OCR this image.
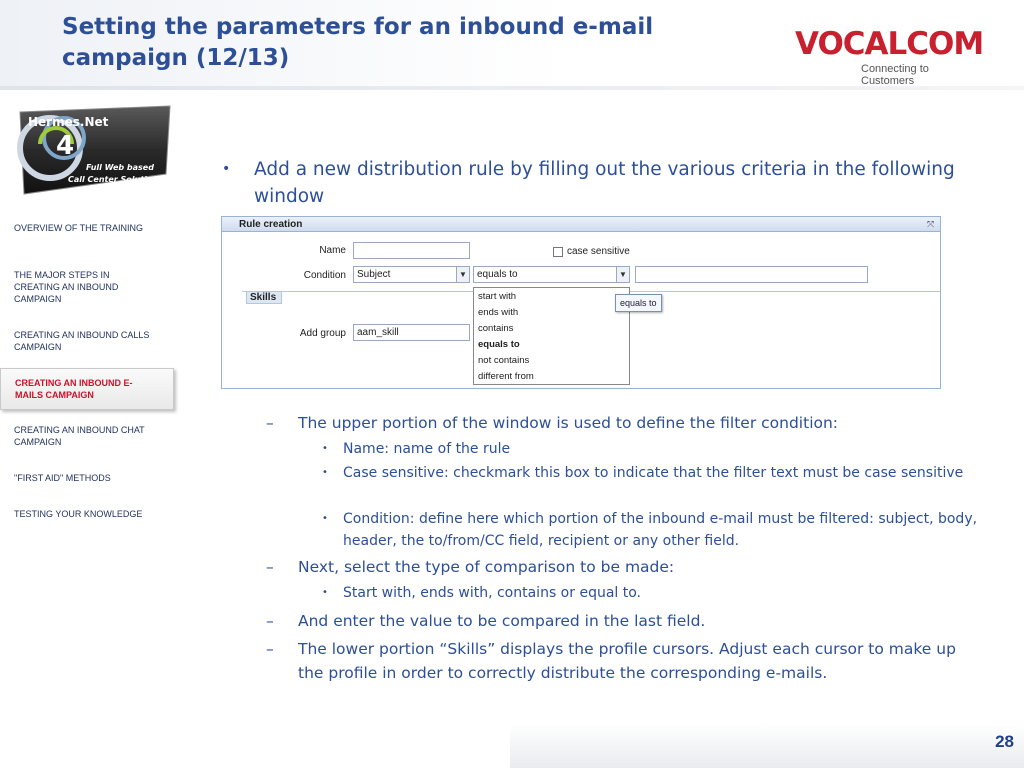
Setting the parameters for an inbound e-mail campaign (12/13)	VOCALCOM
Connecting to Customers
4
Hermes.Net
Full Web based
Call Center Solution
OVERVIEW OF THE TRAINING
THE MAJOR STEPS IN CREATING AN INBOUND CAMPAIGN
CREATING AN INBOUND CALLS CAMPAIGN
CREATING AN INBOUND E-MAILS CAMPAIGN
CREATING AN INBOUND CHAT CAMPAIGN
"FIRST AID" METHODS
TESTING YOUR KNOWLEDGE
• Add a new distribution rule by filling out the various criteria in the following window
Rule creation	⤧
Name	case sensitive
Condition	Subject	▼	equals to	▼
Skills
Add group	aam_skill
start with
ends with
contains
equals to
not contains
different from
equals to
– The upper portion of the window is used to define the filter condition:
• Name: name of the rule
• Case sensitive: checkmark this box to indicate that the filter text must be case sensitive
• Condition: define here which portion of the inbound e-mail must be filtered: subject, body, header, the to/from/CC field, recipient or any other field.
– Next, select the type of comparison to be made:
• Start with, ends with, contains or equal to.
– And enter the value to be compared in the last field.
– The lower portion “Skills” displays the profile cursors. Adjust each cursor to make up the profile in order to correctly distribute the corresponding e-mails.
28
